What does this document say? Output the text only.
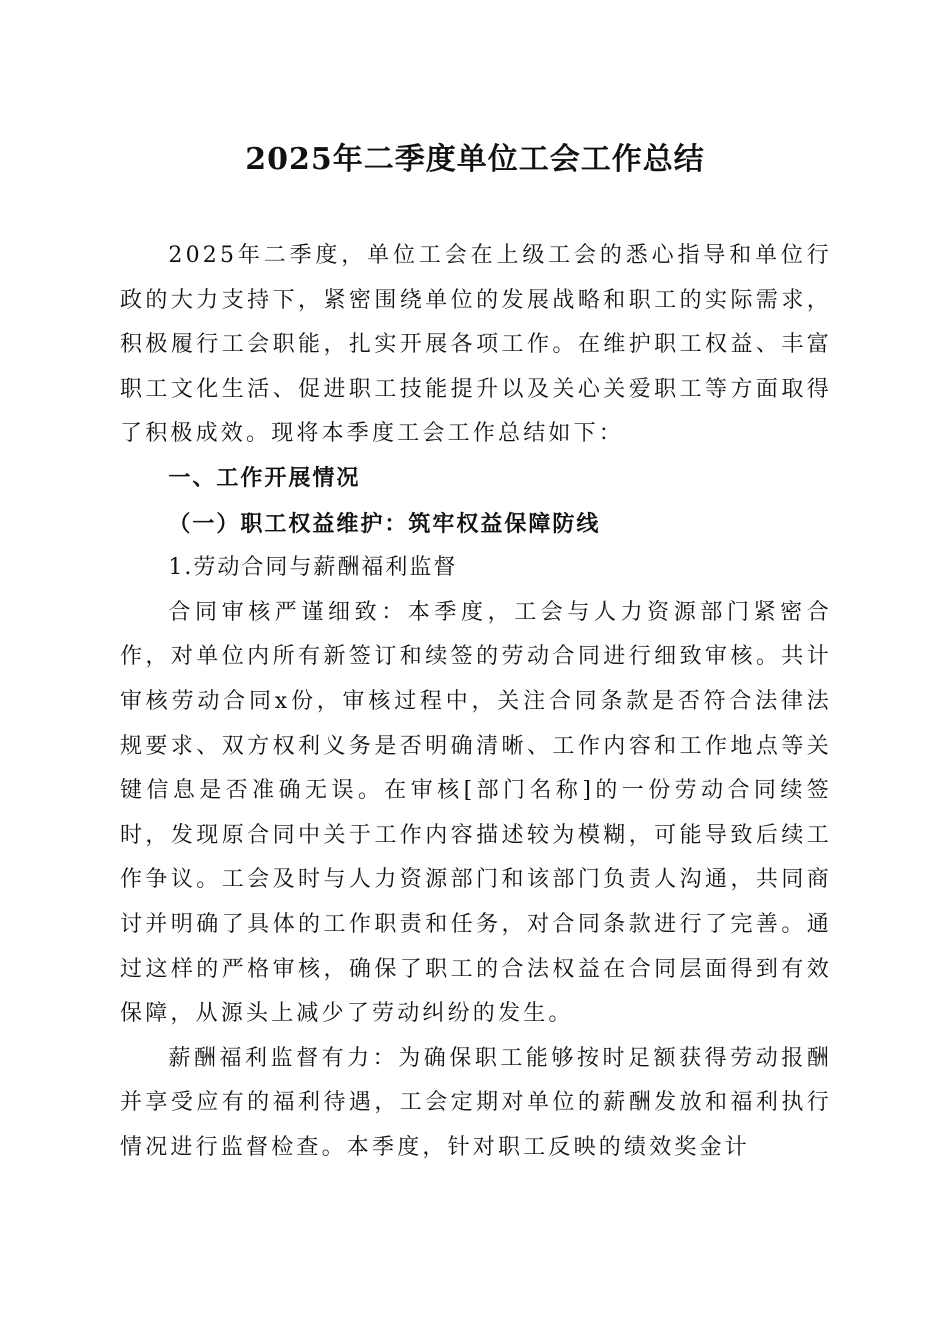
2025年二季度单位工会工作总结

2025年二季度，单位工会在上级工会的悉心指导和单位行政的大力支持下，紧密围绕单位的发展战略和职工的实际需求，积极履行工会职能，扎实开展各项工作。在维护职工权益、丰富职工文化生活、促进职工技能提升以及关心关爱职工等方面取得了积极成效。现将本季度工会工作总结如下：

一、工作开展情况

（一）职工权益维护：筑牢权益保障防线

1.劳动合同与薪酬福利监督

合同审核严谨细致：本季度，工会与人力资源部门紧密合作，对单位内所有新签订和续签的劳动合同进行细致审核。共计审核劳动合同x份，审核过程中，关注合同条款是否符合法律法规要求、双方权利义务是否明确清晰、工作内容和工作地点等关键信息是否准确无误。在审核[部门名称]的一份劳动合同续签时，发现原合同中关于工作内容描述较为模糊，可能导致后续工作争议。工会及时与人力资源部门和该部门负责人沟通，共同商讨并明确了具体的工作职责和任务，对合同条款进行了完善。通过这样的严格审核，确保了职工的合法权益在合同层面得到有效保障，从源头上减少了劳动纠纷的发生。

薪酬福利监督有力：为确保职工能够按时足额获得劳动报酬并享受应有的福利待遇，工会定期对单位的薪酬发放和福利执行情况进行监督检查。本季度，针对职工反映的绩效奖金计
